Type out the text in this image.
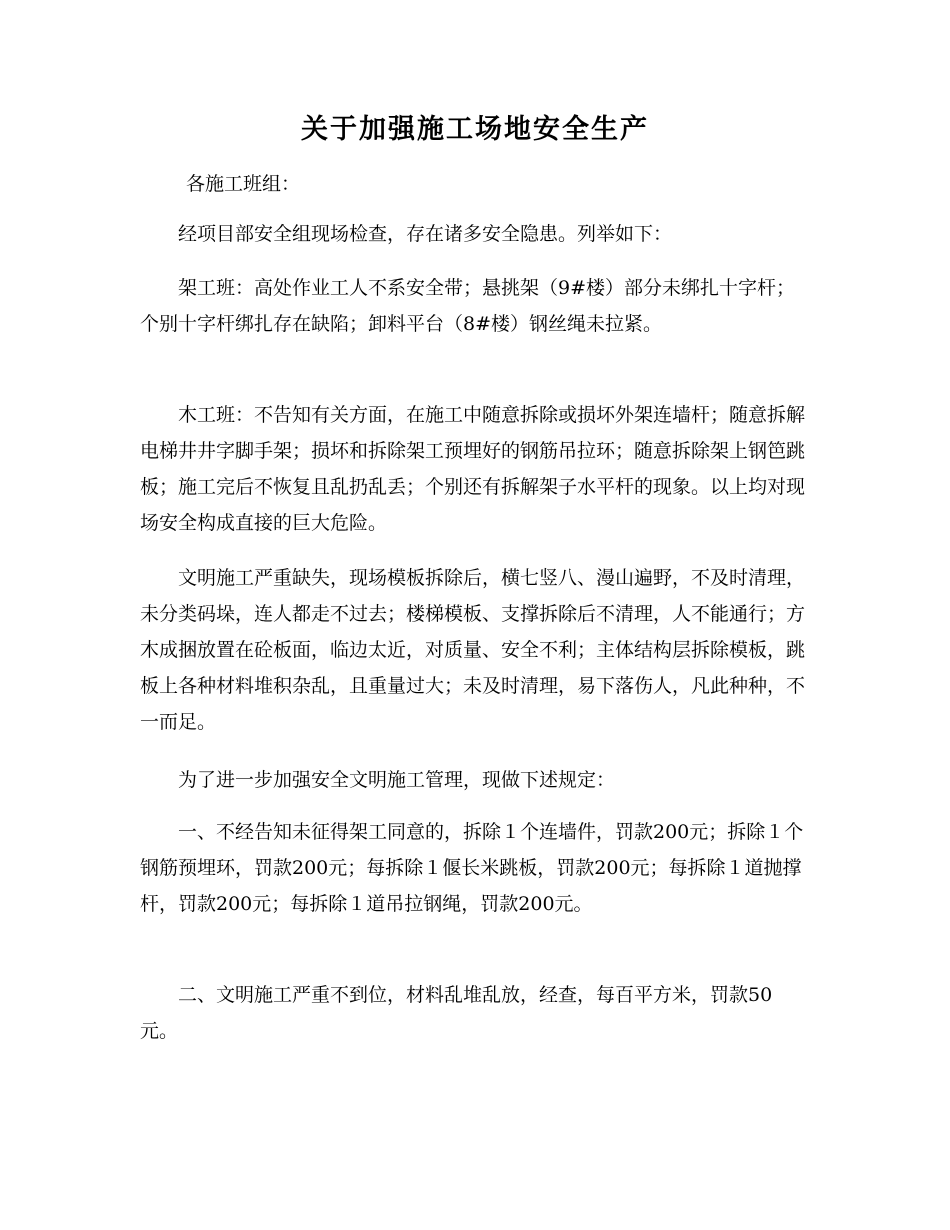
关于加强施工场地安全生产

各施工班组：

经项目部安全组现场检查，存在诸多安全隐患。列举如下：

架工班：高处作业工人不系安全带；悬挑架（9#楼）部分未绑扎十字杆；个别十字杆绑扎存在缺陷；卸料平台（8#楼）钢丝绳未拉紧。

木工班：不告知有关方面，在施工中随意拆除或损坏外架连墙杆；随意拆解电梯井井字脚手架；损坏和拆除架工预埋好的钢筋吊拉环；随意拆除架上钢笆跳板；施工完后不恢复且乱扔乱丢；个别还有拆解架子水平杆的现象。以上均对现场安全构成直接的巨大危险。

文明施工严重缺失，现场模板拆除后，横七竖八、漫山遍野，不及时清理，未分类码垛，连人都走不过去；楼梯模板、支撑拆除后不清理，人不能通行；方木成捆放置在砼板面，临边太近，对质量、安全不利；主体结构层拆除模板，跳板上各种材料堆积杂乱，且重量过大；未及时清理，易下落伤人，凡此种种，不一而足。

为了进一步加强安全文明施工管理，现做下述规定：

一、不经告知未征得架工同意的，拆除１个连墙件，罚款200元；拆除１个钢筋预埋环，罚款200元；每拆除１偃长米跳板，罚款200元；每拆除１道抛撑杆，罚款200元；每拆除１道吊拉钢绳，罚款200元。

二、文明施工严重不到位，材料乱堆乱放，经查，每百平方米，罚款50元。
